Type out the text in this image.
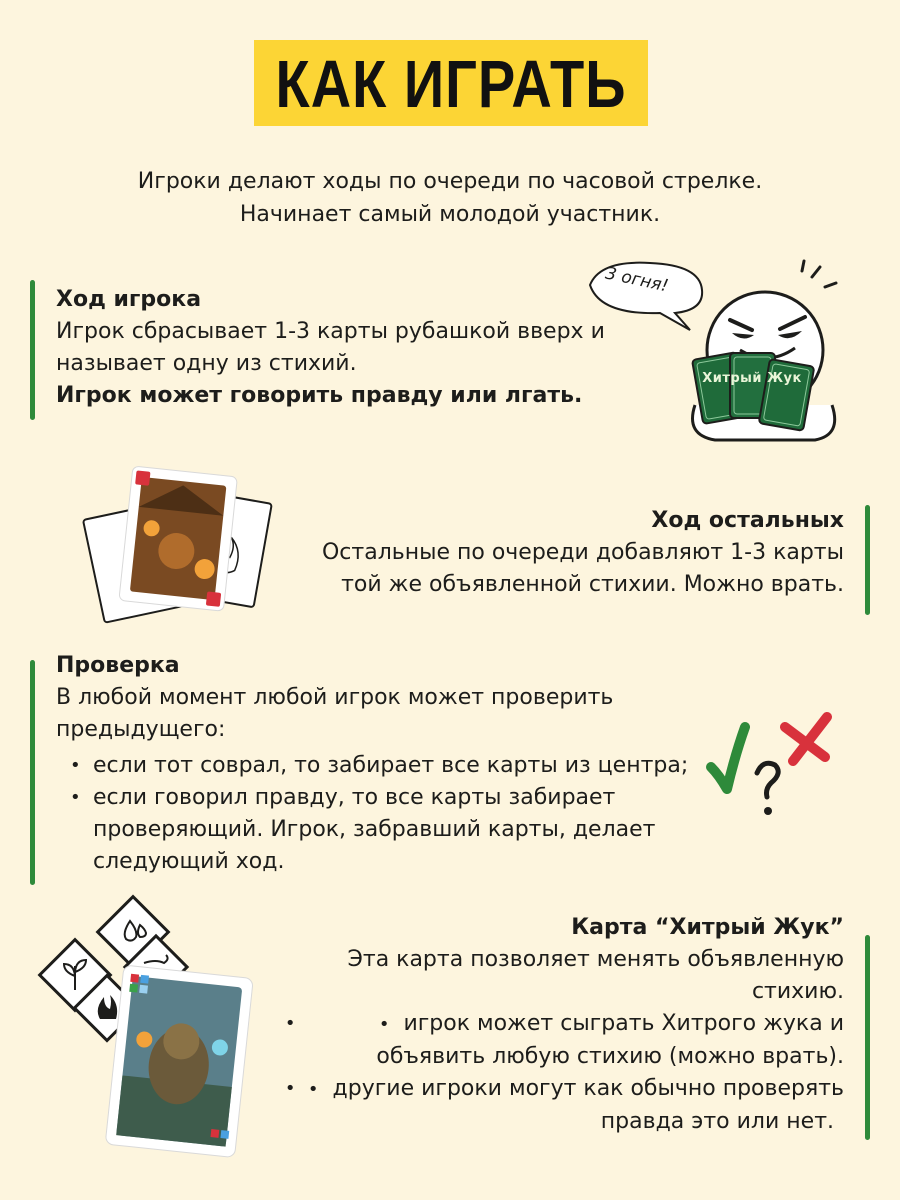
КАК ИГРАТЬ
Игроки делают ходы по очереди по часовой стрелке.
Начинает самый молодой участник.
Ход игрока
Игрок сбрасывает 1-3 карты рубашкой вверх и
называет одну из стихий.
Игрок может говорить правду или лгать.
3 огня!
Хитрый Жук
Ход остальных
Остальные по очереди добавляют 1-3 карты
той же объявленной стихии. Можно врать.
Проверка
В любой момент любой игрок может проверить
предыдущего:
• если тот соврал, то забирает все карты из центра;
• если говорил правду, то все карты забирает
проверяющий. Игрок, забравший карты, делает
следующий ход.
Карта “Хитрый Жук”
Эта карта позволяет менять объявленную
стихию.
• • игрок может сыграть Хитрого жука и
объявить любую стихию (можно врать).
• • другие игроки могут как обычно проверять
правда это или нет.
